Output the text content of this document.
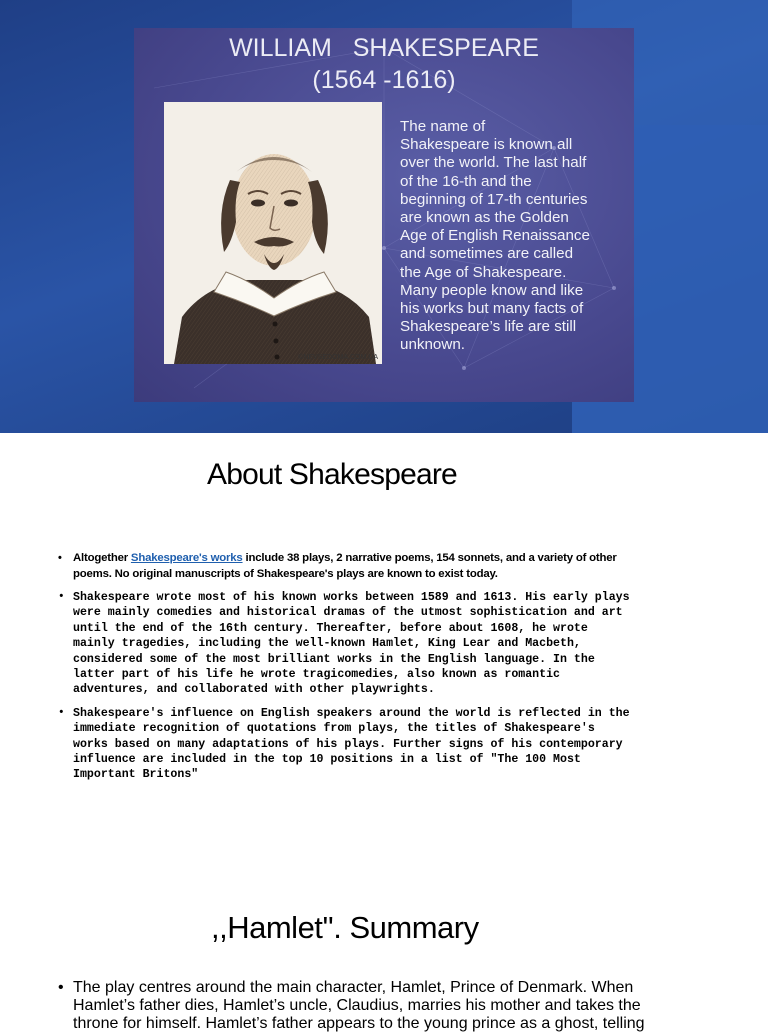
WILLIAM   SHAKESPEARE
(1564 -1616)
©NEVSEDOMA.COM.UA
The name of
Shakespeare is known all
over the world. The last half
of the 16-th and the
beginning of 17-th centuries
are known as the Golden
Age of English Renaissance
and sometimes are called
the Age of Shakespeare.
Many people know and like
his works but many facts of
Shakespeare’s life are still
unknown.
About Shakespeare
• Altogether Shakespeare's works include 38 plays, 2 narrative poems, 154 sonnets, and a variety of other
poems. No original manuscripts of Shakespeare's plays are known to exist today.
• Shakespeare wrote most of his known works between 1589 and 1613. His early plays
were mainly comedies and historical dramas of the utmost sophistication and art
until the end of the 16th century. Thereafter, before about 1608, he wrote
mainly tragedies, including the well-known Hamlet, King Lear and Macbeth,
considered some of the most brilliant works in the English language. In the
latter part of his life he wrote tragicomedies, also known as romantic
adventures, and collaborated with other playwrights.
• Shakespeare's influence on English speakers around the world is reflected in the
immediate recognition of quotations from plays, the titles of Shakespeare's
works based on many adaptations of his plays. Further signs of his contemporary
influence are included in the top 10 positions in a list of "The 100 Most
Important Britons"
,,Hamlet''. Summary
• The play centres around the main character, Hamlet, Prince of Denmark. When
Hamlet’s father dies, Hamlet’s uncle, Claudius, marries his mother and takes the
throne for himself. Hamlet’s father appears to the young prince as a ghost, telling
